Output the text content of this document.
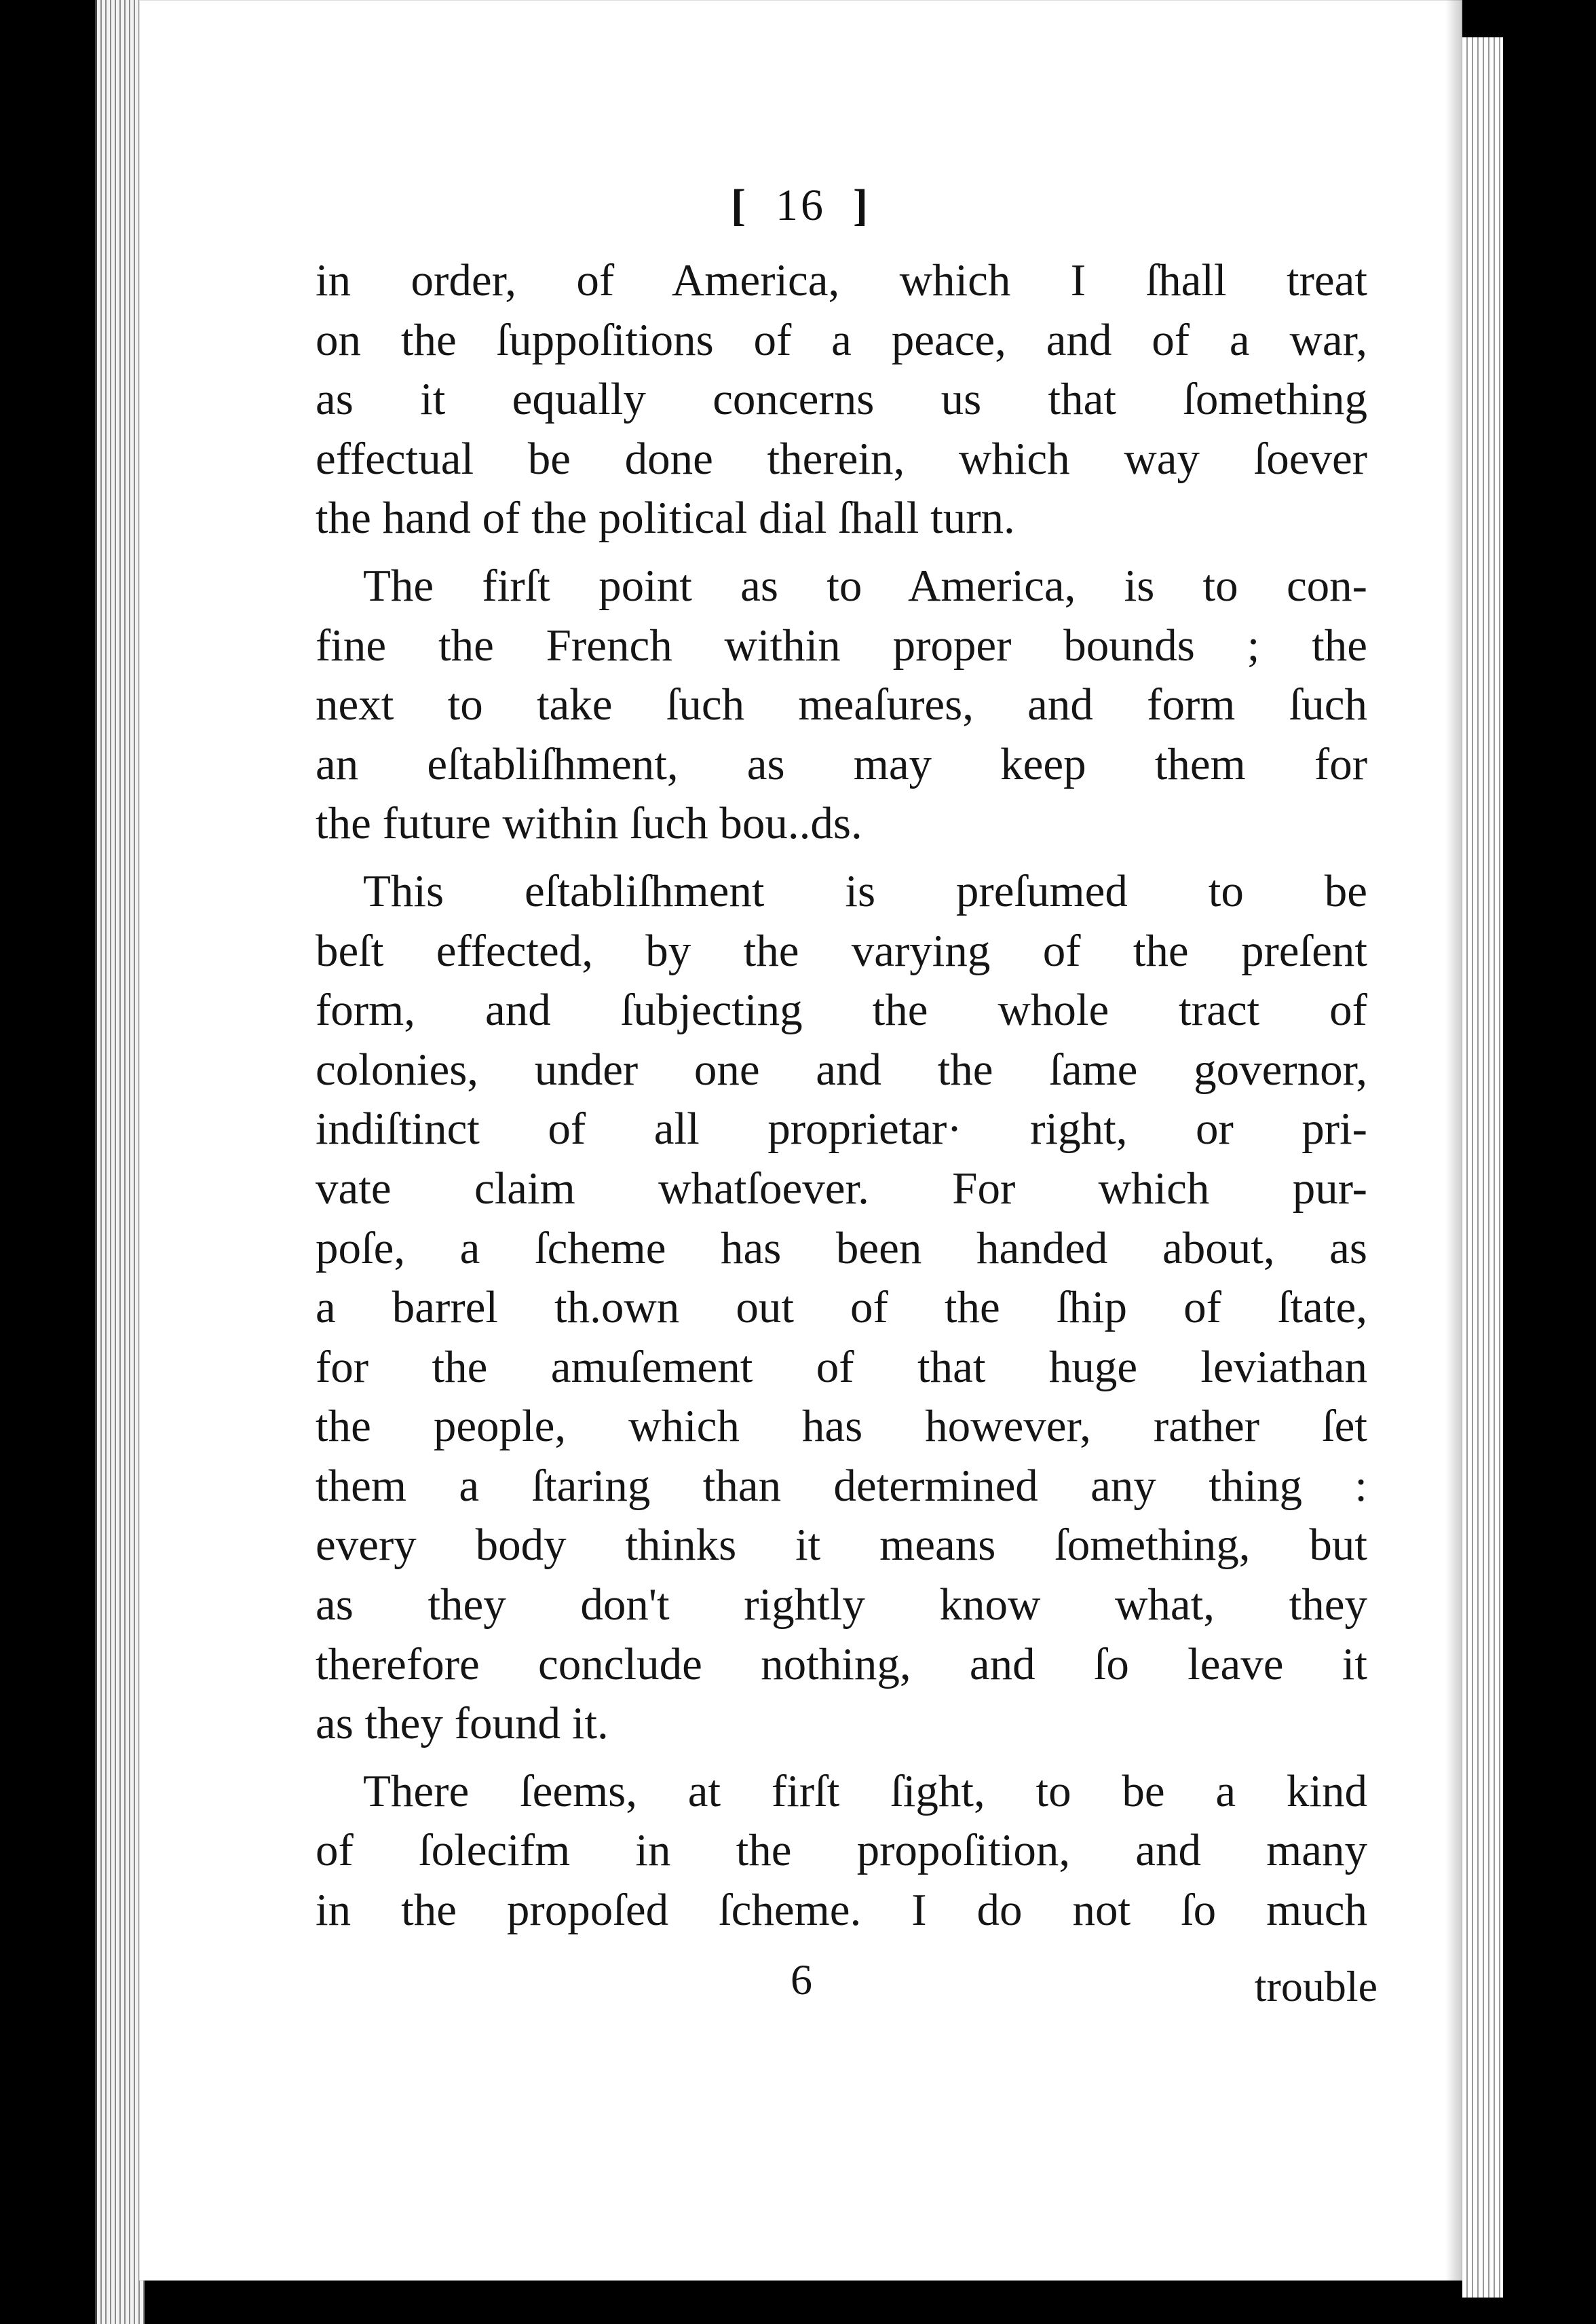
[ 16 ]
in order, of America, which I ſhall treat
on the ſuppoſitions of a peace, and of a war,
as it equally concerns us that ſomething
effectual be done therein, which way ſoever
the hand of the political dial ſhall turn.
The firſt point as to America, is to con-
fine the French within proper bounds ; the
next to take ſuch meaſures, and form ſuch
an eſtabliſhment, as may keep them for
the future within ſuch bou..ds.
This eſtabliſhment is preſumed to be
beſt effected, by the varying of the preſent
form, and ſubjecting the whole tract of
colonies, under one and the ſame governor,
indiſtinct of all proprietar· right, or pri-
vate claim whatſoever. For which pur-
poſe, a ſcheme has been handed about, as
a barrel th.own out of the ſhip of ſtate,
for the amuſement of that huge leviathan
the people, which has however, rather ſet
them a ſtaring than determined any thing :
every body thinks it means ſomething, but
as they don't rightly know what, they
therefore conclude nothing, and ſo leave it
as they found it.
There ſeems, at firſt ſight, to be a kind
of ſolecifm in the propoſition, and many
in the propoſed ſcheme. I do not ſo much
6	trouble
